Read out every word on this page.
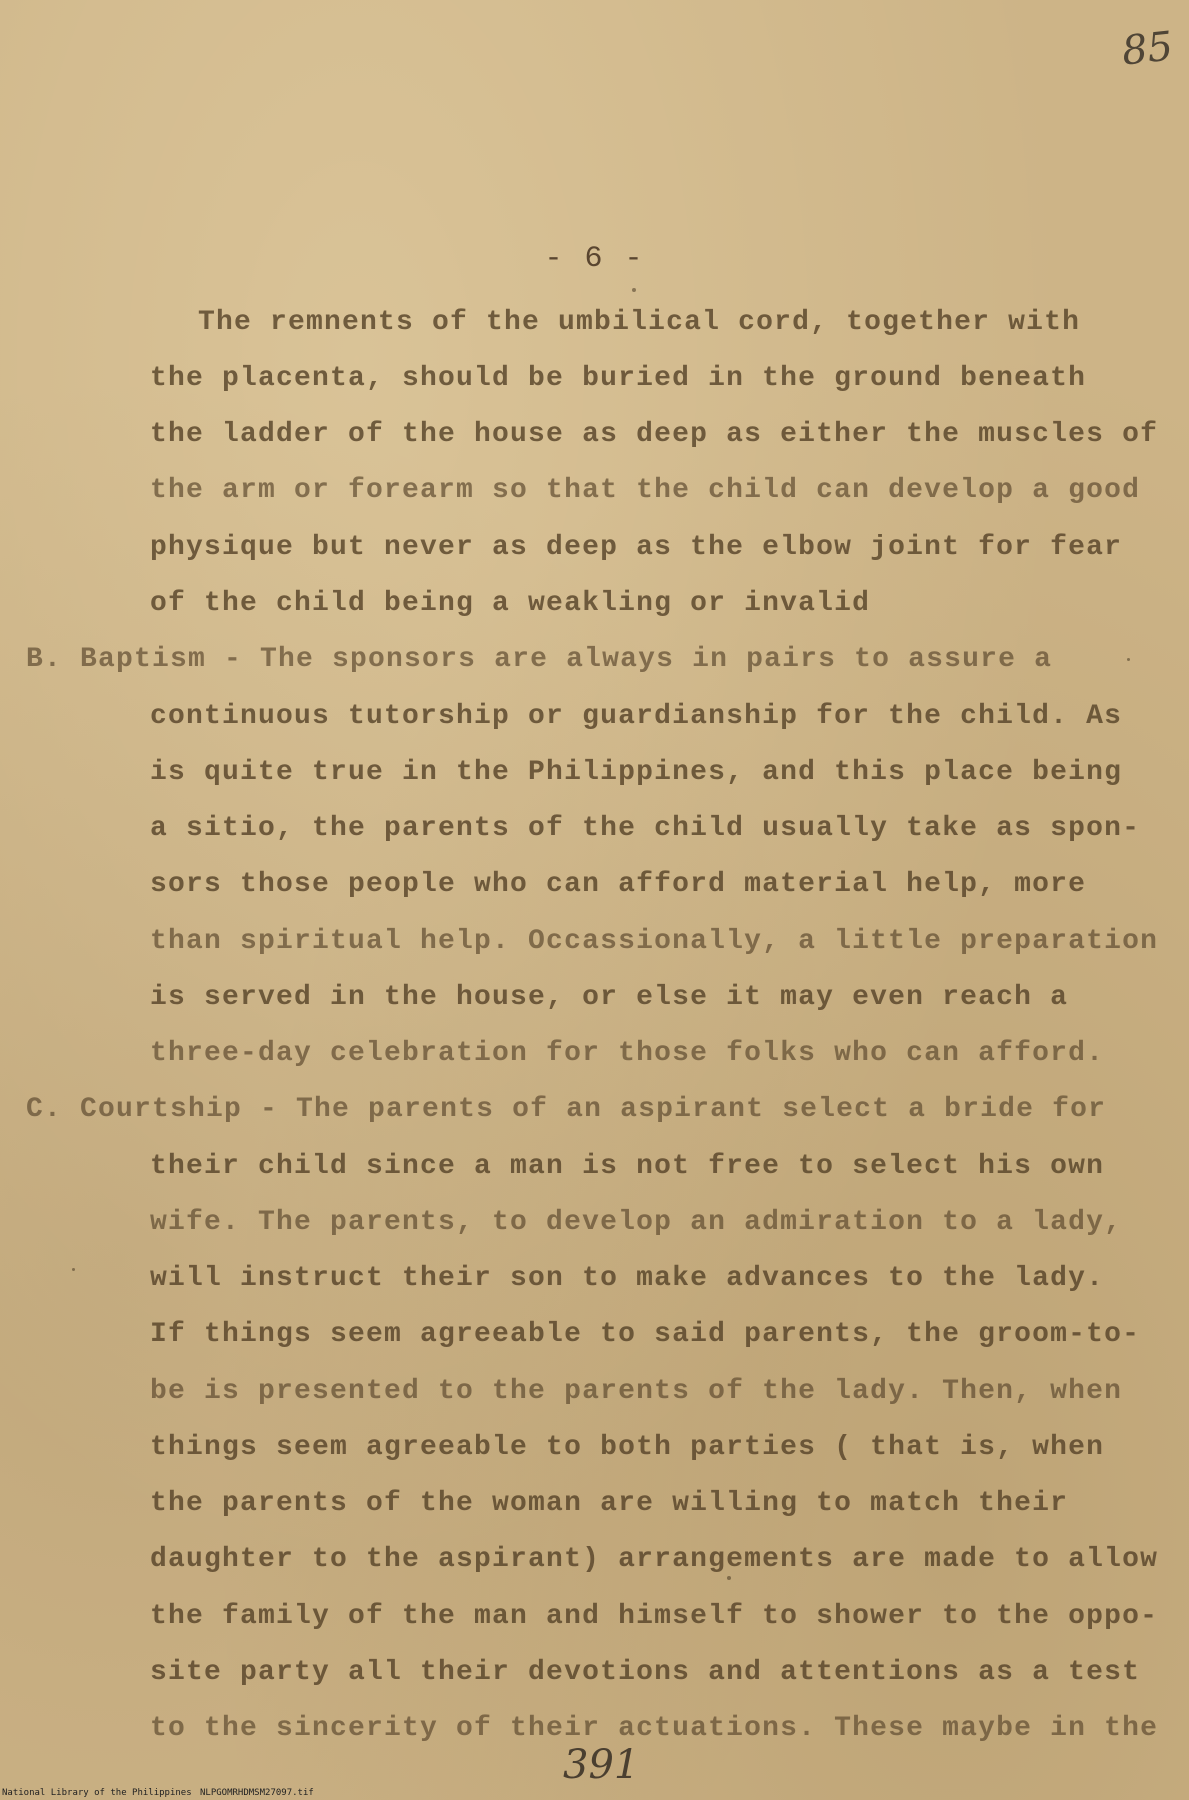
85
- 6 -
The remnents of the umbilical cord, together with
the placenta, should be buried in the ground beneath
the ladder of the house as deep as either the muscles of
the arm or forearm so that the child can develop a good
physique but never as deep as the elbow joint for fear
of the child being a weakling or invalid
B. Baptism - The sponsors are always in pairs to assure a
continuous tutorship or guardianship for the child. As
is quite true in the Philippines, and this place being
a sitio, the parents of the child usually take as spon-
sors those people who can afford material help, more
than spiritual help. Occassionally, a little preparation
is served in the house, or else it may even reach a
three-day celebration for those folks who can afford.
C. Courtship - The parents of an aspirant select a bride for
their child since a man is not free to select his own
wife. The parents, to develop an admiration to a lady,
will instruct their son to make advances to the lady.
If things seem agreeable to said parents, the groom-to-
be is presented to the parents of the lady. Then, when
things seem agreeable to both parties ( that is, when
the parents of the woman are willing to match their
daughter to the aspirant) arrangements are made to allow
the family of the man and himself to shower to the oppo-
site party all their devotions and attentions as a test
to the sincerity of their actuations. These maybe in the
391
National Library of the Philippines NLPGOMRHDMSM27097.tif
